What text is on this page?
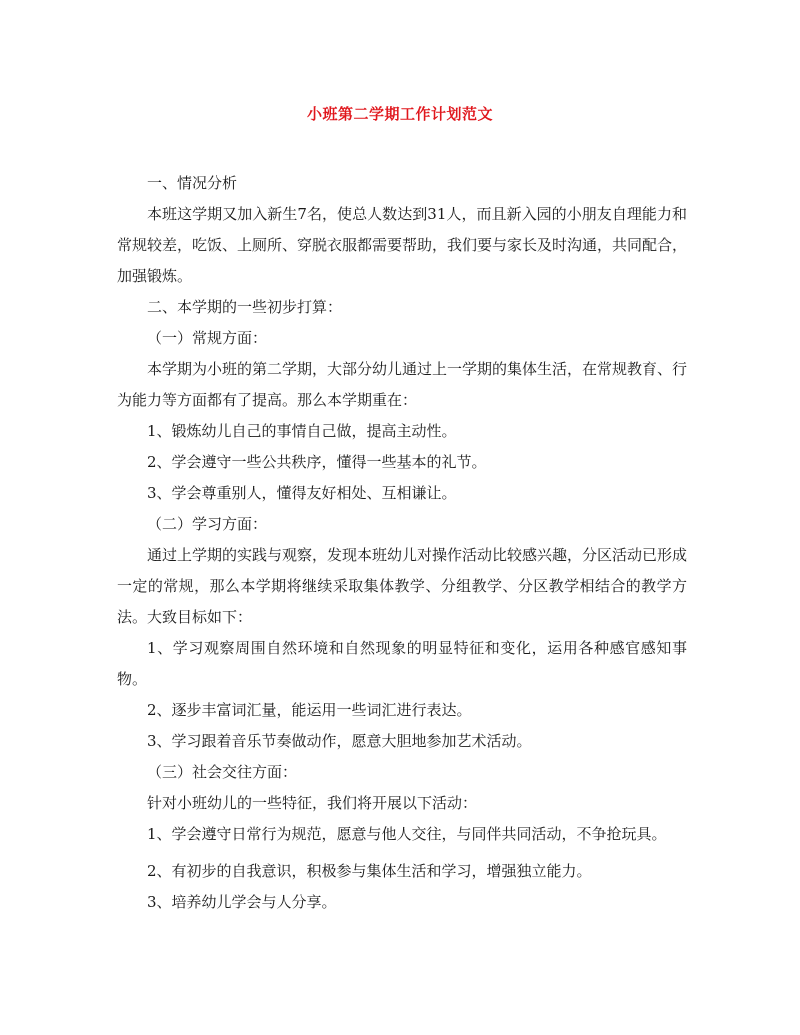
小班第二学期工作计划范文

一、情况分析

本班这学期又加入新生7名，使总人数达到31人，而且新入园的小朋友自理能力和常规较差，吃饭、上厕所、穿脱衣服都需要帮助，我们要与家长及时沟通，共同配合，加强锻炼。

二、本学期的一些初步打算：

（一）常规方面：

本学期为小班的第二学期，大部分幼儿通过上一学期的集体生活，在常规教育、行为能力等方面都有了提高。那么本学期重在：

1、锻炼幼儿自己的事情自己做，提高主动性。

2、学会遵守一些公共秩序，懂得一些基本的礼节。

3、学会尊重别人，懂得友好相处、互相谦让。

（二）学习方面：

通过上学期的实践与观察，发现本班幼儿对操作活动比较感兴趣，分区活动已形成一定的常规，那么本学期将继续采取集体教学、分组教学、分区教学相结合的教学方法。大致目标如下：

1、学习观察周围自然环境和自然现象的明显特征和变化，运用各种感官感知事物。

2、逐步丰富词汇量，能运用一些词汇进行表达。

3、学习跟着音乐节奏做动作，愿意大胆地参加艺术活动。

（三）社会交往方面：

针对小班幼儿的一些特征，我们将开展以下活动：

1、学会遵守日常行为规范，愿意与他人交往，与同伴共同活动，不争抢玩具。

2、有初步的自我意识，积极参与集体生活和学习，增强独立能力。

3、培养幼儿学会与人分享。
